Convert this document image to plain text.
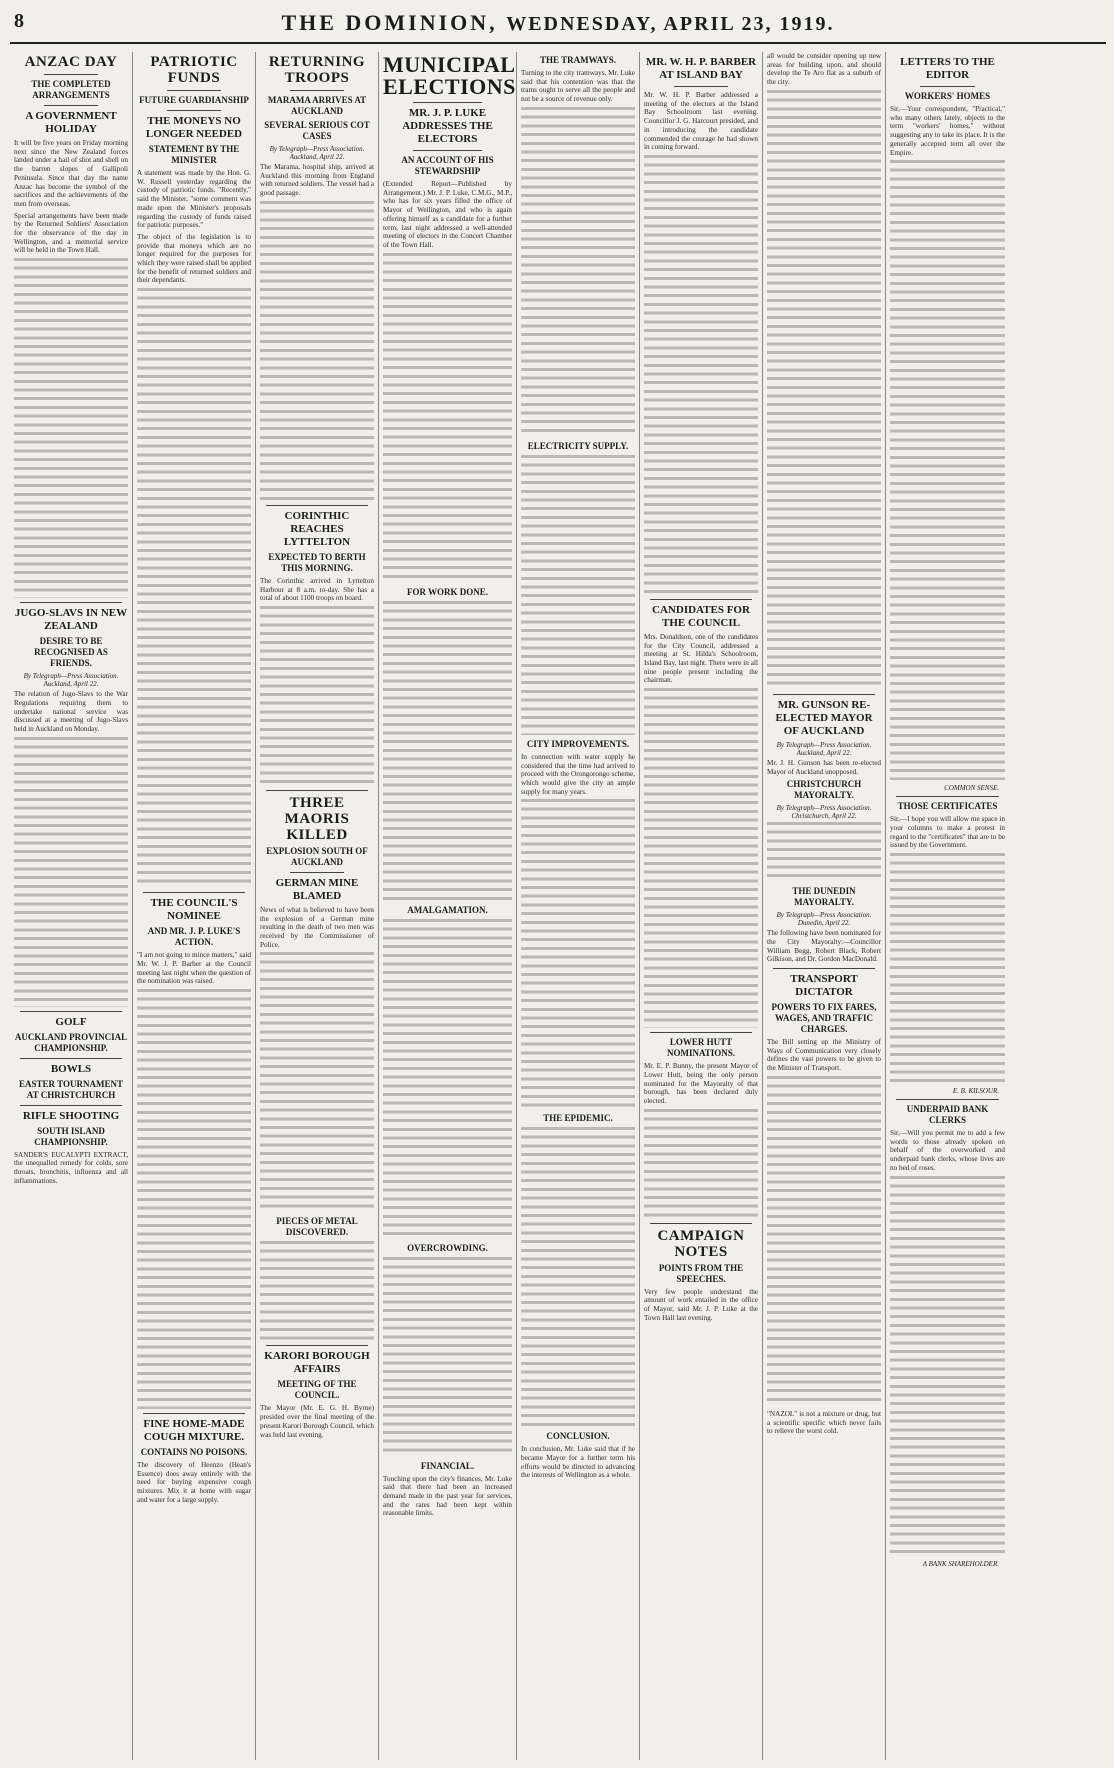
8	THE DOMINION, WEDNESDAY, APRIL 23, 1919.
ANZAC DAY
THE COMPLETED ARRANGEMENTS
A GOVERNMENT HOLIDAY

It will be five years on Friday morning next since the New Zealand forces landed under a hail of shot and shell on the barren slopes of Gallipoli Peninsula. Since that day the name Anzac has become the symbol of the sacrifices and the achievements of the men from overseas.

Special arrangements have been made by the Returned Soldiers' Association for the observance of the day in Wellington, and a memorial service will be held in the Town Hall.

JUGO-SLAVS IN NEW ZEALAND
DESIRE TO BE RECOGNISED AS FRIENDS.
By Telegraph—Press Association. Auckland, April 22.

The relation of Jugo-Slavs to the War Regulations requiring them to undertake national service was discussed at a meeting of Jugo-Slavs held in Auckland on Monday.

GOLF
AUCKLAND PROVINCIAL CHAMPIONSHIP.
BOWLS
EASTER TOURNAMENT AT CHRISTCHURCH
RIFLE SHOOTING
SOUTH ISLAND CHAMPIONSHIP.

SANDER'S EUCALYPTI EXTRACT, the unequalled remedy for colds, sore throats, bronchitis, influenza and all inflammations.

PATRIOTIC FUNDS
FUTURE GUARDIANSHIP
THE MONEYS NO LONGER NEEDED
STATEMENT BY THE MINISTER

A statement was made by the Hon. G. W. Russell yesterday regarding the custody of patriotic funds. "Recently," said the Minister, "some comment was made upon the Minister's proposals regarding the custody of funds raised for patriotic purposes."

The object of the legislation is to provide that moneys which are no longer required for the purposes for which they were raised shall be applied for the benefit of returned soldiers and their dependants.

THE COUNCIL'S NOMINEE
AND MR. J. P. LUKE'S ACTION.

"I am not going to mince matters," said Mr. W. J. P. Barber at the Council meeting last night when the question of the nomination was raised.

FINE HOME-MADE COUGH MIXTURE.
CONTAINS NO POISONS.

The discovery of Heenzo (Hean's Essence) does away entirely with the need for buying expensive cough mixtures. Mix it at home with sugar and water for a large supply.

RETURNING TROOPS
MARAMA ARRIVES AT AUCKLAND
SEVERAL SERIOUS COT CASES
By Telegraph—Press Association. Auckland, April 22.

The Marama, hospital ship, arrived at Auckland this morning from England with returned soldiers. The vessel had a good passage.

CORINTHIC REACHES LYTTELTON
EXPECTED TO BERTH THIS MORNING.

The Corinthic arrived in Lyttelton Harbour at 8 a.m. to-day. She has a total of about 1100 troops on board.

THREE MAORIS KILLED
EXPLOSION SOUTH OF AUCKLAND
GERMAN MINE BLAMED

News of what is believed to have been the explosion of a German mine resulting in the death of two men was received by the Commissioner of Police.

PIECES OF METAL DISCOVERED.
KARORI BOROUGH AFFAIRS
MEETING OF THE COUNCIL.

The Mayor (Mr. E. G. H. Byrne) presided over the final meeting of the present Karori Borough Council, which was held last evening.

MUNICIPAL ELECTIONS
MR. J. P. LUKE ADDRESSES THE ELECTORS
AN ACCOUNT OF HIS STEWARDSHIP

(Extended Report—Published by Arrangement.) Mr. J. P. Luke, C.M.G., M.P., who has for six years filled the office of Mayor of Wellington, and who is again offering himself as a candidate for a further term, last night addressed a well-attended meeting of electors in the Concert Chamber of the Town Hall.

FOR WORK DONE.
AMALGAMATION.
OVERCROWDING.
FINANCIAL.

Touching upon the city's finances, Mr. Luke said that there had been an increased demand made in the past year for services, and the rates had been kept within reasonable limits.

THE TRAMWAYS.

Turning to the city tramways, Mr. Luke said that his contention was that the trams ought to serve all the people and not be a source of revenue only.

ELECTRICITY SUPPLY.
CITY IMPROVEMENTS.

In connection with water supply he considered that the time had arrived to proceed with the Orongorongo scheme, which would give the city an ample supply for many years.

THE EPIDEMIC.
CONCLUSION.

In conclusion, Mr. Luke said that if he became Mayor for a further term his efforts would be directed to advancing the interests of Wellington as a whole.

MR. W. H. P. BARBER AT ISLAND BAY

Mr. W. H. P. Barber addressed a meeting of the electors at the Island Bay Schoolroom last evening. Councillor J. G. Harcourt presided, and in introducing the candidate commended the courage he had shown in coming forward.

CANDIDATES FOR THE COUNCIL

Mrs. Donaldson, one of the candidates for the City Council, addressed a meeting at St. Hilda's Schoolroom, Island Bay, last night. There were in all nine people present including the chairman.

LOWER HUTT NOMINATIONS.

Mr. E. P. Bunny, the present Mayor of Lower Hutt, being the only person nominated for the Mayoralty of that borough, has been declared duly elected.

CAMPAIGN NOTES
POINTS FROM THE SPEECHES.

Very few people understand the amount of work entailed in the office of Mayor, said Mr. J. P. Luke at the Town Hall last evening.

all would be consider opening up new areas for building upon, and should develop the Te Aro flat as a suburb of the city.

MR. GUNSON RE-ELECTED MAYOR OF AUCKLAND
By Telegraph—Press Association. Auckland, April 22.

Mr. J. H. Gunson has been re-elected Mayor of Auckland unopposed.

CHRISTCHURCH MAYORALTY.
By Telegraph—Press Association. Christchurch, April 22.
THE DUNEDIN MAYORALTY.
By Telegraph—Press Association. Dunedin, April 22.

The following have been nominated for the City Mayoralty:—Councillor William Begg, Robert Black, Robert Gilkison, and Dr. Gordon MacDonald.

TRANSPORT DICTATOR
POWERS TO FIX FARES, WAGES, AND TRAFFIC CHARGES.

The Bill setting up the Ministry of Ways of Communication very closely defines the vast powers to be given to the Minister of Transport.

"NAZOL" is not a mixture or drug, but a scientific specific which never fails to relieve the worst cold.

LETTERS TO THE EDITOR
WORKERS' HOMES

Sir,—Your correspondent, "Practical," who many others lately, objects to the term "workers' homes," without suggesting any to take its place. It is the generally accepted term all over the Empire.

COMMON SENSE.
THOSE CERTIFICATES

Sir,—I hope you will allow me space in your columns to make a protest in regard to the "certificates" that are to be issued by the Government.

E. B. KILSOUR.
UNDERPAID BANK CLERKS

Sir,—Will you permit me to add a few words to those already spoken on behalf of the overworked and underpaid bank clerks, whose lives are no bed of roses.

A BANK SHAREHOLDER.
